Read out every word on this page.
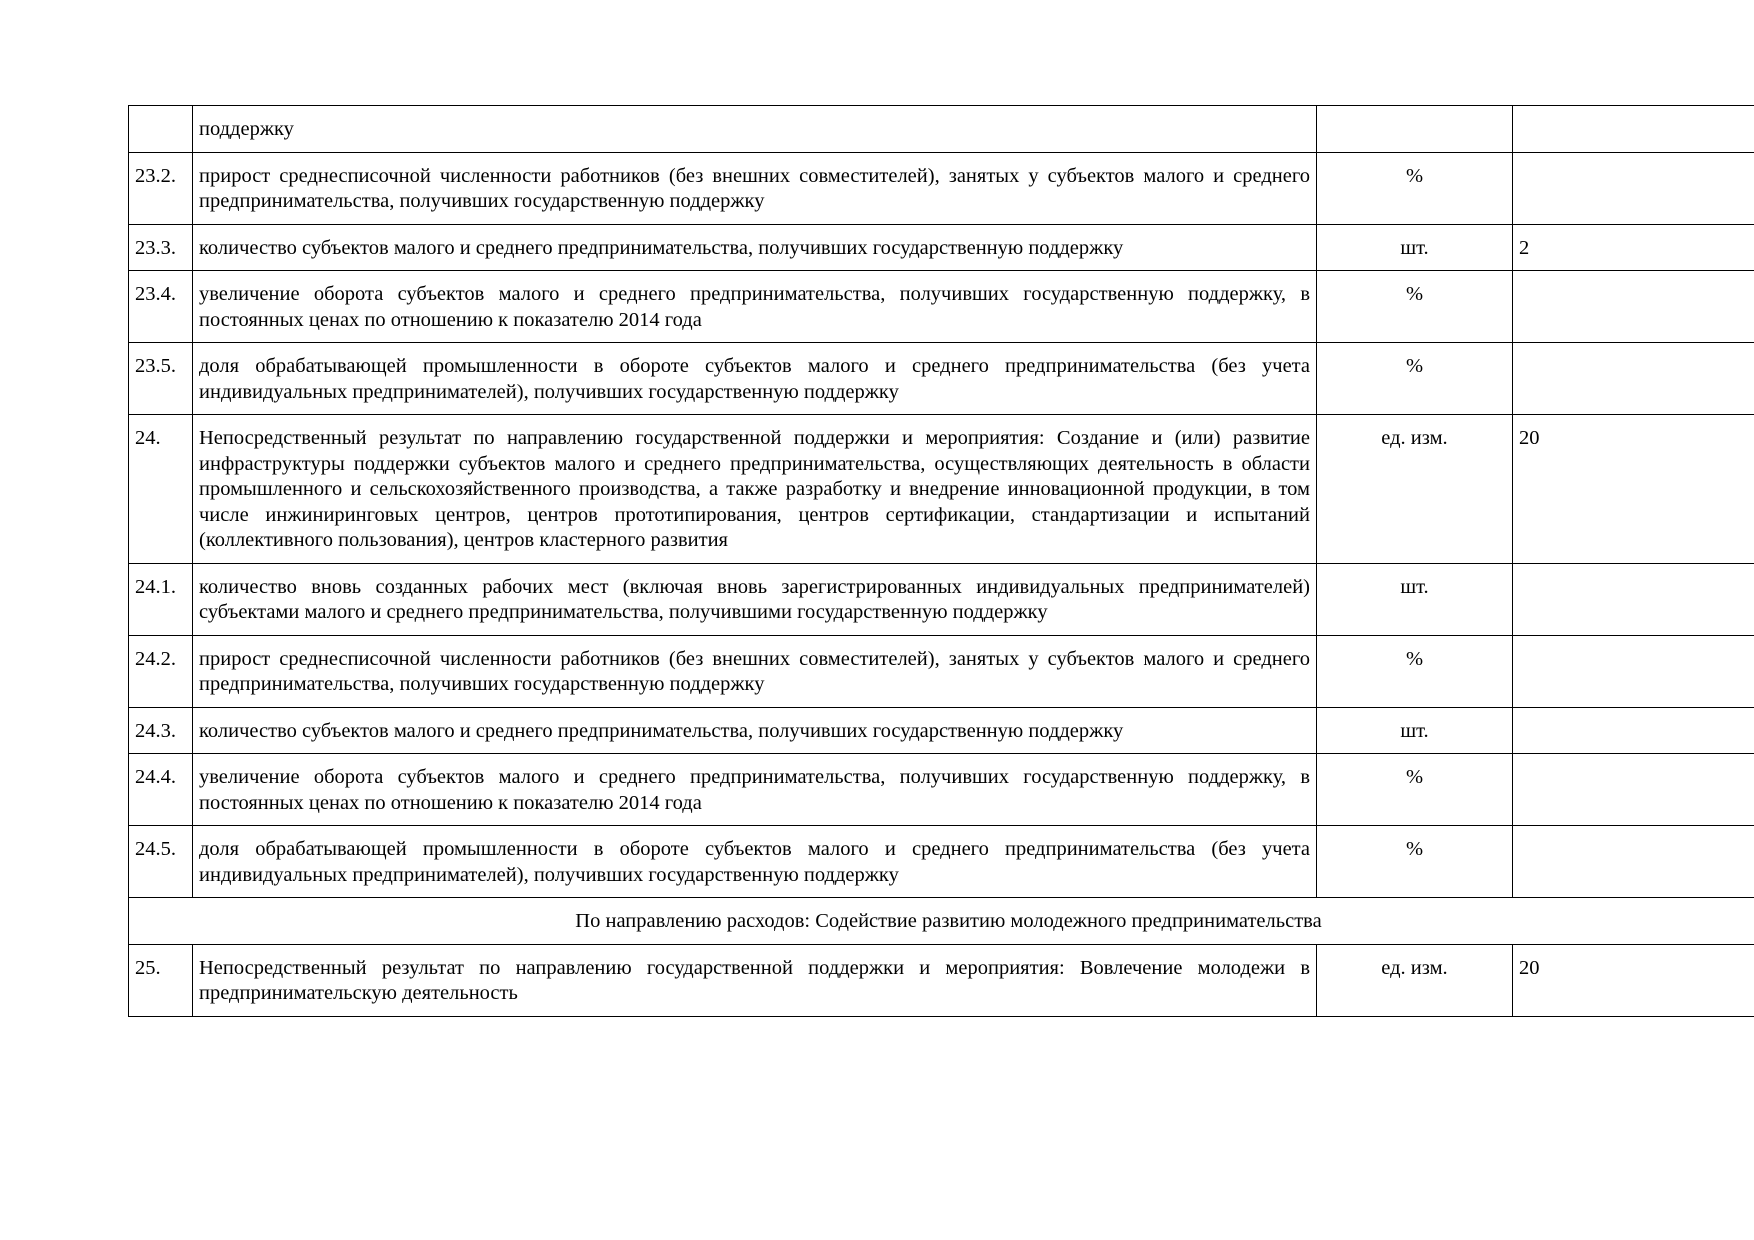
	поддержку		
23.2.	прирост среднесписочной численности работников (без внешних совместителей), занятых у субъектов малого и среднего предпринимательства, получивших государственную поддержку	%	
23.3.	количество субъектов малого и среднего предпринимательства, получивших государственную поддержку	шт.	2
23.4.	увеличение оборота субъектов малого и среднего предпринимательства, получивших государственную поддержку, в постоянных ценах по отношению к показателю 2014 года	%	
23.5.	доля обрабатывающей промышленности в обороте субъектов малого и среднего предпринимательства (без учета индивидуальных предпринимателей), получивших государственную поддержку	%	
24.	Непосредственный результат по направлению государственной поддержки и мероприятия: Создание и (или) развитие инфраструктуры поддержки субъектов малого и среднего предпринимательства, осуществляющих деятельность в области промышленного и сельскохозяйственного производства, а также разработку и внедрение инновационной продукции, в том числе инжиниринговых центров, центров прототипирования, центров сертификации, стандартизации и испытаний (коллективного пользования), центров кластерного развития	ед. изм.	20
24.1.	количество вновь созданных рабочих мест (включая вновь зарегистрированных индивидуальных предпринимателей) субъектами малого и среднего предпринимательства, получившими государственную поддержку	шт.	
24.2.	прирост среднесписочной численности работников (без внешних совместителей), занятых у субъектов малого и среднего предпринимательства, получивших государственную поддержку	%	
24.3.	количество субъектов малого и среднего предпринимательства, получивших государственную поддержку	шт.	
24.4.	увеличение оборота субъектов малого и среднего предпринимательства, получивших государственную поддержку, в постоянных ценах по отношению к показателю 2014 года	%	
24.5.	доля обрабатывающей промышленности в обороте субъектов малого и среднего предпринимательства (без учета индивидуальных предпринимателей), получивших государственную поддержку	%	
По направлению расходов: Содействие развитию молодежного предпринимательства			
25.	Непосредственный результат по направлению государственной поддержки и мероприятия: Вовлечение молодежи в предпринимательскую деятельность	ед. изм.	20
